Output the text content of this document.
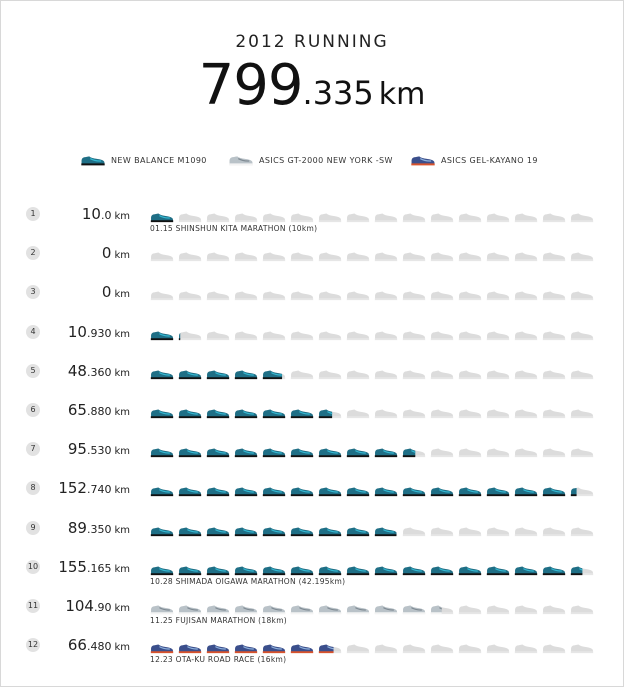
2012 RUNNING
799.335 km
NEW BALANCE M1090	ASICS GT-2000 NEW YORK -SW	ASICS GEL-KAYANO 19
1	10.0 km
01.15 SHINSHUN KITA MARATHON (10km)
2	0 km
3	0 km
4	10.930 km
5	48.360 km
6	65.880 km
7	95.530 km
8	152.740 km
9	89.350 km
10	155.165 km
10.28 SHIMADA OIGAWA MARATHON (42.195km)
11	104.90 km
11.25 FUJISAN MARATHON (18km)
12	66.480 km
12.23 OTA-KU ROAD RACE (16km)
